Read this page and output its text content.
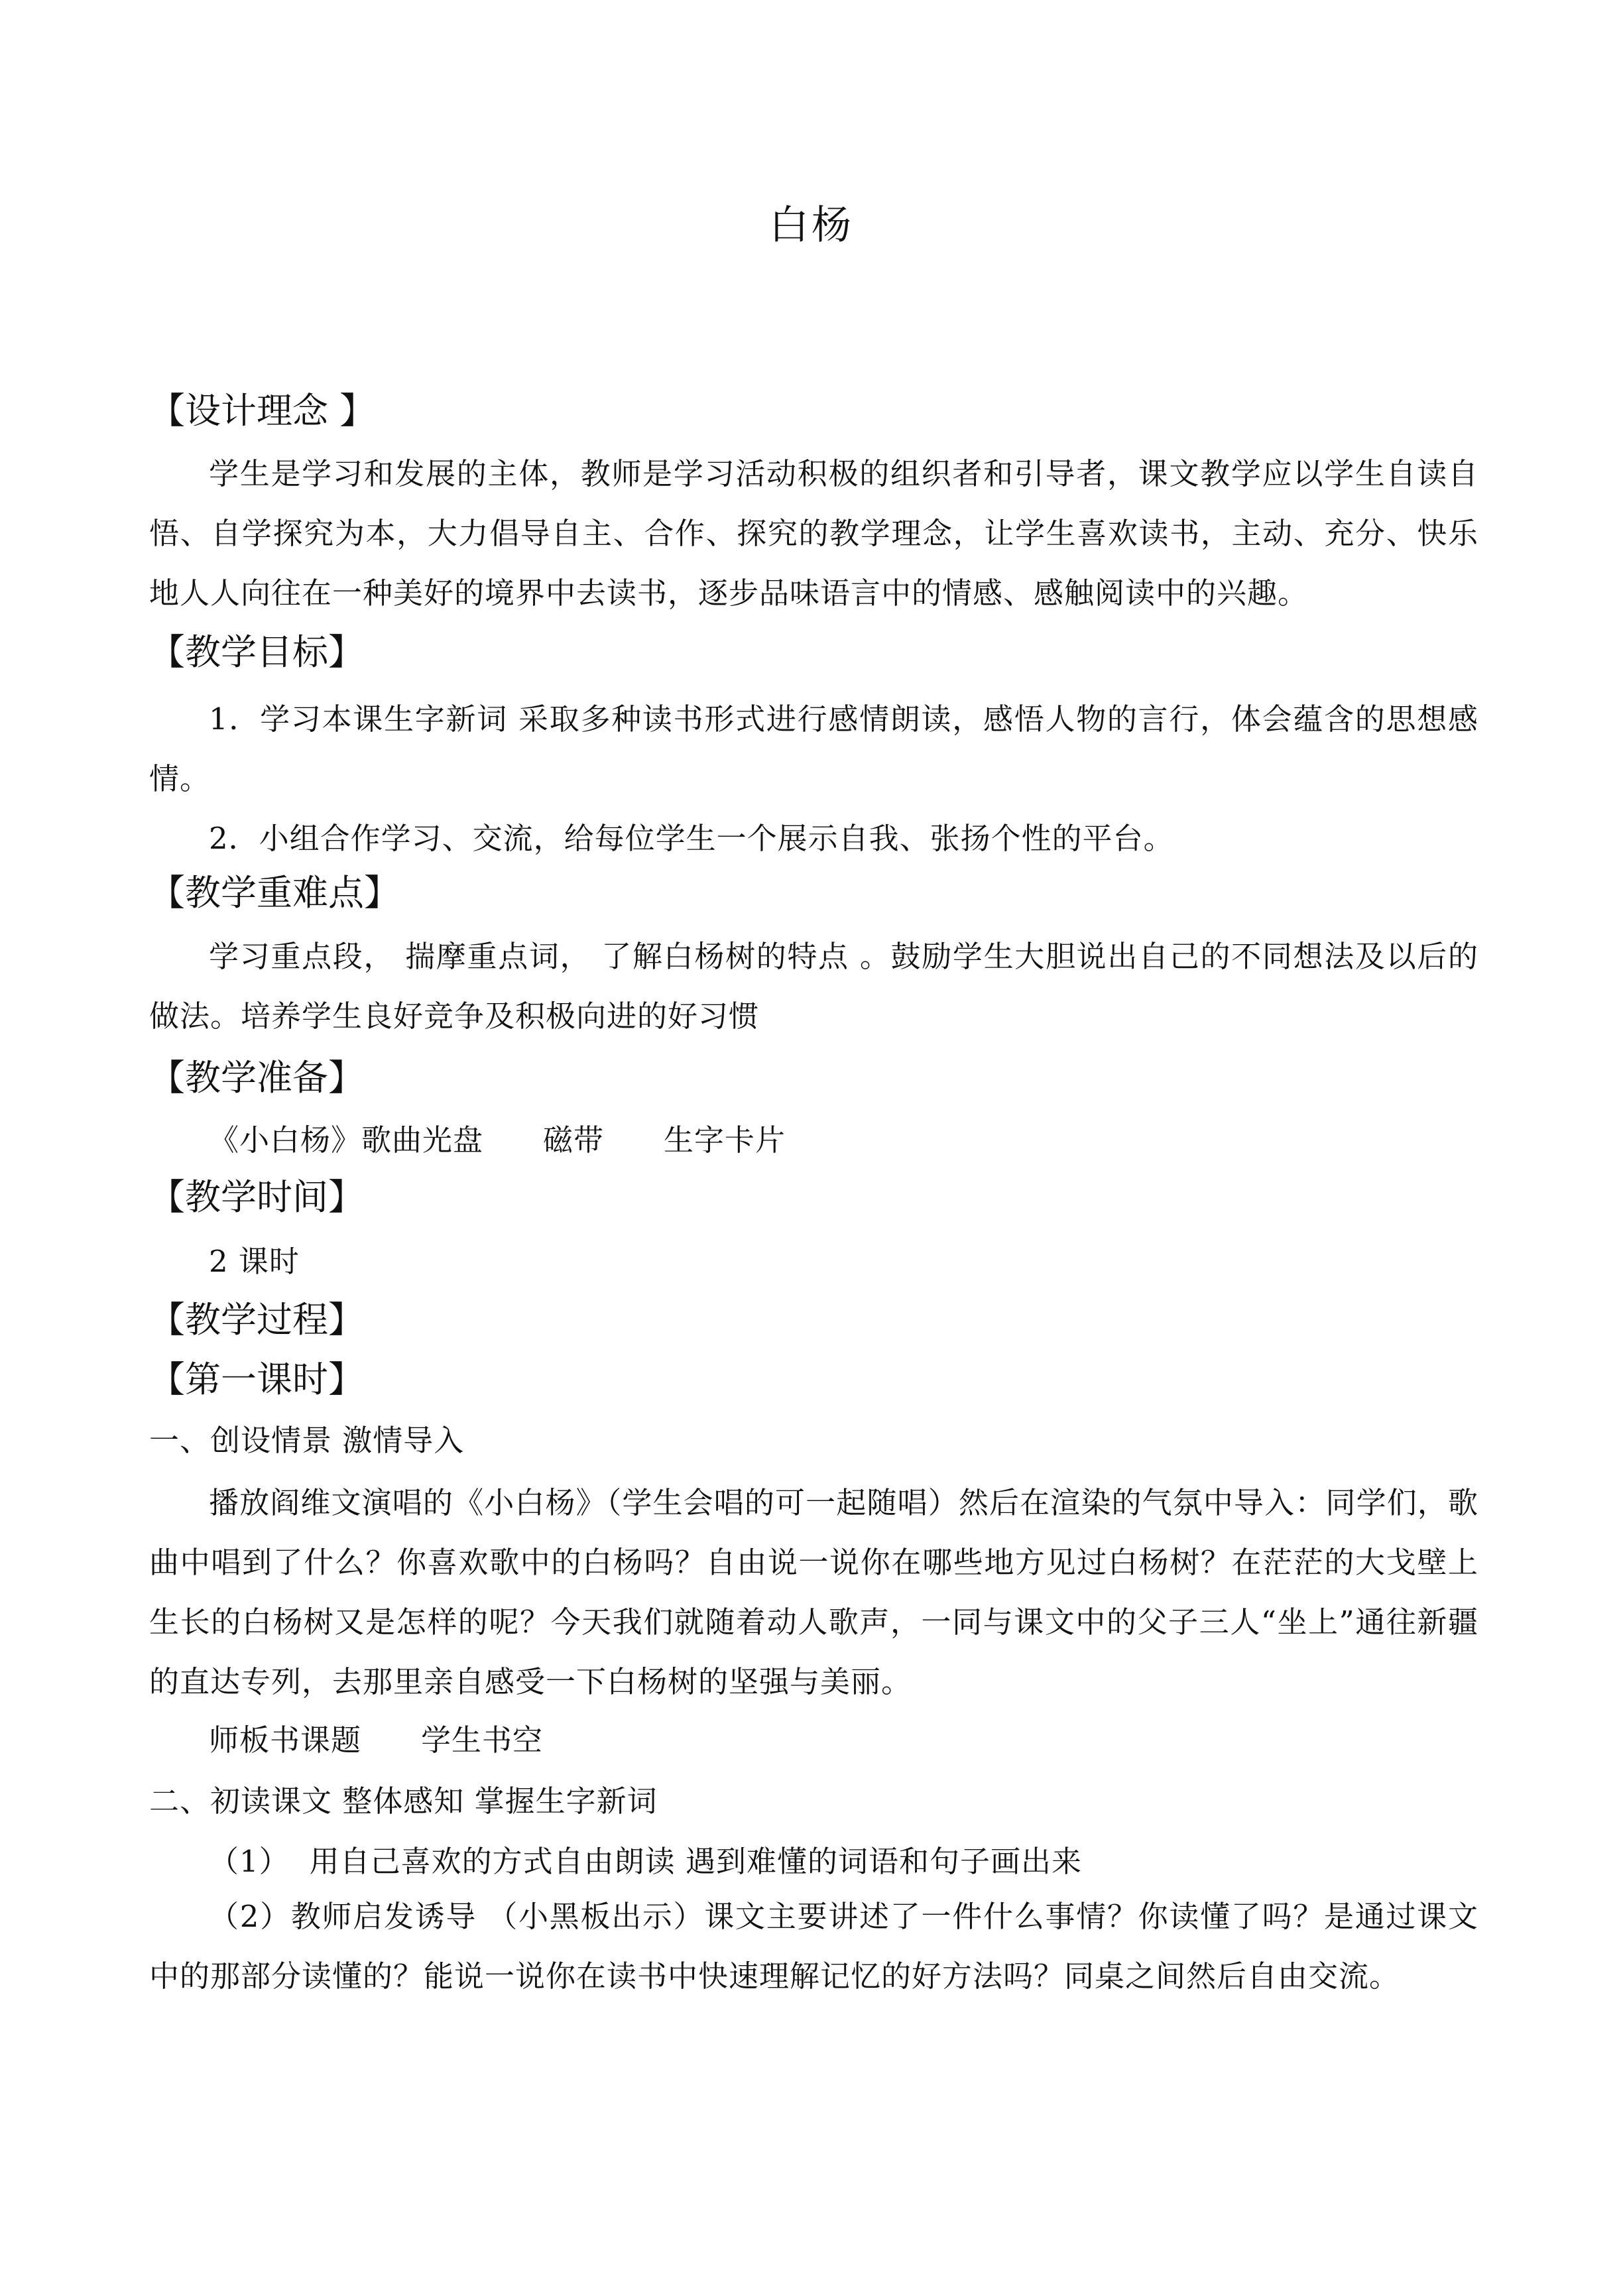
白杨
【设计理念 】
学生是学习和发展的主体，教师是学习活动积极的组织者和引导者，课文教学应以学生自读自悟、自学探究为本，大力倡导自主、合作、探究的教学理念，让学生喜欢读书，主动、充分、快乐地人人向往在一种美好的境界中去读书，逐步品味语言中的情感、感触阅读中的兴趣。
【教学目标】
1．学习本课生字新词 采取多种读书形式进行感情朗读，感悟人物的言行，体会蕴含的思想感情。
2．小组合作学习、交流，给每位学生一个展示自我、张扬个性的平台。
【教学重难点】
学习重点段， 揣摩重点词， 了解白杨树的特点 。鼓励学生大胆说出自己的不同想法及以后的做法。培养学生良好竞争及积极向进的好习惯
【教学准备】
《小白杨》歌曲光盘 磁带 生字卡片
【教学时间】
2 课时
【教学过程】
【第一课时】
一、创设情景 激情导入
播放阎维文演唱的《小白杨》（学生会唱的可一起随唱）然后在渲染的气氛中导入：同学们，歌曲中唱到了什么？你喜欢歌中的白杨吗？自由说一说你在哪些地方见过白杨树？在茫茫的大戈壁上生长的白杨树又是怎样的呢？今天我们就随着动人歌声，一同与课文中的父子三人“坐上”通往新疆的直达专列，去那里亲自感受一下白杨树的坚强与美丽。
师板书课题 学生书空
二、初读课文 整体感知 掌握生字新词
（1） 用自己喜欢的方式自由朗读 遇到难懂的词语和句子画出来
（2）教师启发诱导 （小黑板出示）课文主要讲述了一件什么事情？你读懂了吗？是通过课文中的那部分读懂的？能说一说你在读书中快速理解记忆的好方法吗？同桌之间然后自由交流。
